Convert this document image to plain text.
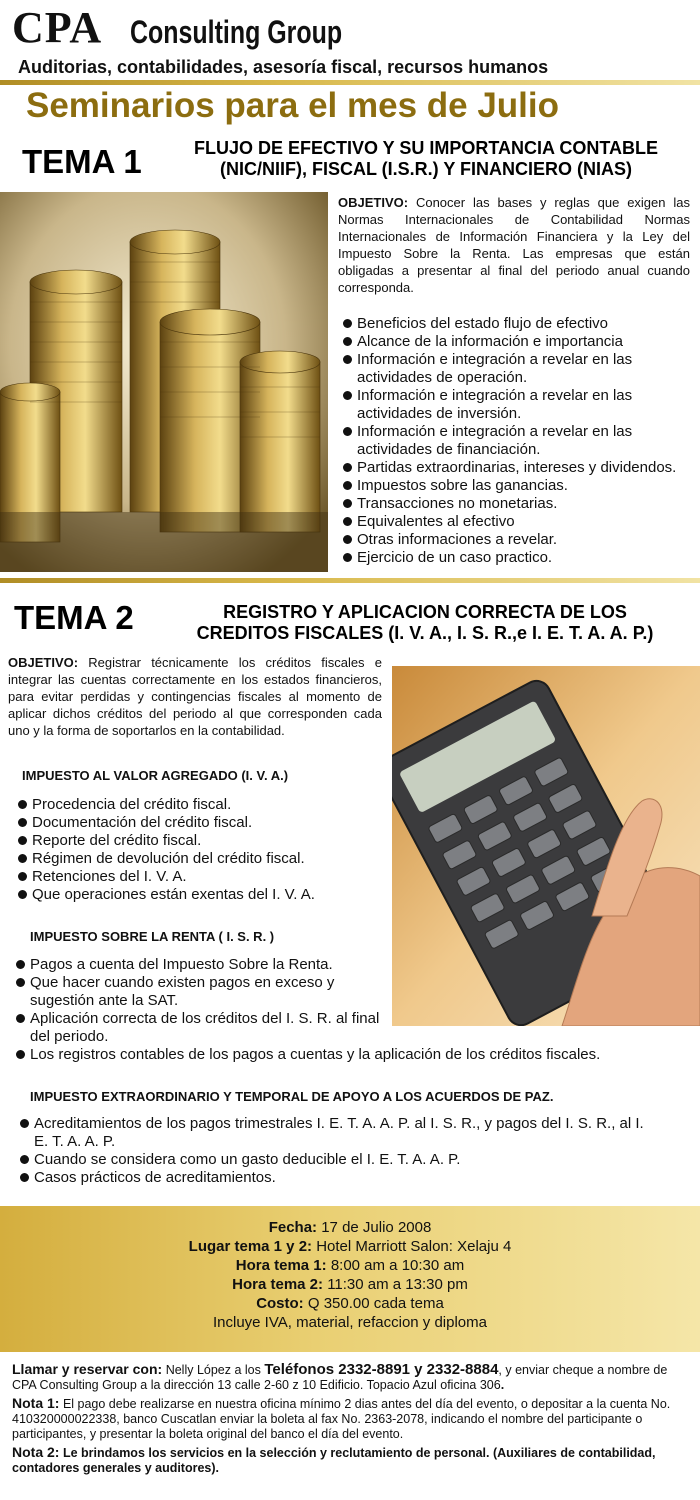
CPA Consulting Group
Auditorias, contabilidades, asesoría fiscal, recursos humanos
Seminarios para el mes de Julio
TEMA 1	FLUJO DE EFECTIVO Y SU IMPORTANCIA CONTABLE
(NIC/NIIF), FISCAL (I.S.R.) Y FINANCIERO (NIAS)
OBJETIVO: Conocer las bases y reglas que exigen las Normas Internacionales de Contabilidad Normas Internacionales de Información Financiera y la Ley del Impuesto Sobre la Renta. Las empresas que están obligadas a presentar al final del periodo anual cuando corresponda.
Beneficios del estado flujo de efectivo
Alcance de la información e importancia
Información e integración a revelar en las actividades de operación.
Información e integración a revelar en las actividades de inversión.
Información e integración a revelar en las actividades de financiación.
Partidas extraordinarias, intereses y dividendos.
Impuestos sobre las ganancias.
Transacciones no monetarias.
Equivalentes al efectivo
Otras informaciones a revelar.
Ejercicio de un caso practico.
TEMA 2	REGISTRO Y APLICACION CORRECTA DE LOS
CREDITOS FISCALES (I. V. A., I. S. R.,e I. E. T. A. A. P.)
OBJETIVO: Registrar técnicamente los créditos fiscales e integrar las cuentas correctamente en los estados financieros, para evitar perdidas y contingencias fiscales al momento de aplicar dichos créditos del periodo al que corresponden cada uno y la forma de soportarlos en la contabilidad.
IMPUESTO AL VALOR AGREGADO (I. V. A.)
Procedencia del crédito fiscal.
Documentación del crédito fiscal.
Reporte del crédito fiscal.
Régimen de devolución del crédito fiscal.
Retenciones del I. V. A.
Que operaciones están exentas del I. V. A.
IMPUESTO SOBRE LA RENTA ( I. S. R. )
Pagos a cuenta del Impuesto Sobre la Renta.
Que hacer cuando existen pagos en exceso y sugestión ante la SAT.
Aplicación correcta de los créditos del I. S. R. al final del periodo.
Los registros contables de los pagos a cuentas y la aplicación de los créditos fiscales.
IMPUESTO EXTRAORDINARIO Y TEMPORAL DE APOYO A LOS ACUERDOS DE PAZ.
Acreditamientos de los pagos trimestrales I. E. T. A. A. P. al I. S. R., y pagos del I. S. R., al I. E. T. A. A. P.
Cuando se considera como un gasto deducible el I. E. T. A. A. P.
Casos prácticos de acreditamientos.
Fecha: 17 de Julio 2008
Lugar tema 1 y 2: Hotel Marriott Salon: Xelaju 4
Hora tema 1: 8:00 am a 10:30 am
Hora tema 2: 11:30 am a 13:30 pm
Costo: Q 350.00 cada tema
Incluye IVA, material, refaccion y diploma

Llamar y reservar con: Nelly López a los Teléfonos 2332-8891 y 2332-8884, y enviar cheque a nombre de CPA Consulting Group a la dirección 13 calle 2-60 z 10 Edificio. Topacio Azul oficina 306.

Nota 1: El pago debe realizarse en nuestra oficina mínimo 2 dias antes del día del evento, o depositar a la cuenta No. 410320000022338, banco Cuscatlan enviar la boleta al fax No. 2363-2078, indicando el nombre del participante o participantes, y presentar la boleta original del banco el día del evento.

Nota 2: Le brindamos los servicios en la selección y reclutamiento de personal. (Auxiliares de contabilidad, contadores generales y auditores).
